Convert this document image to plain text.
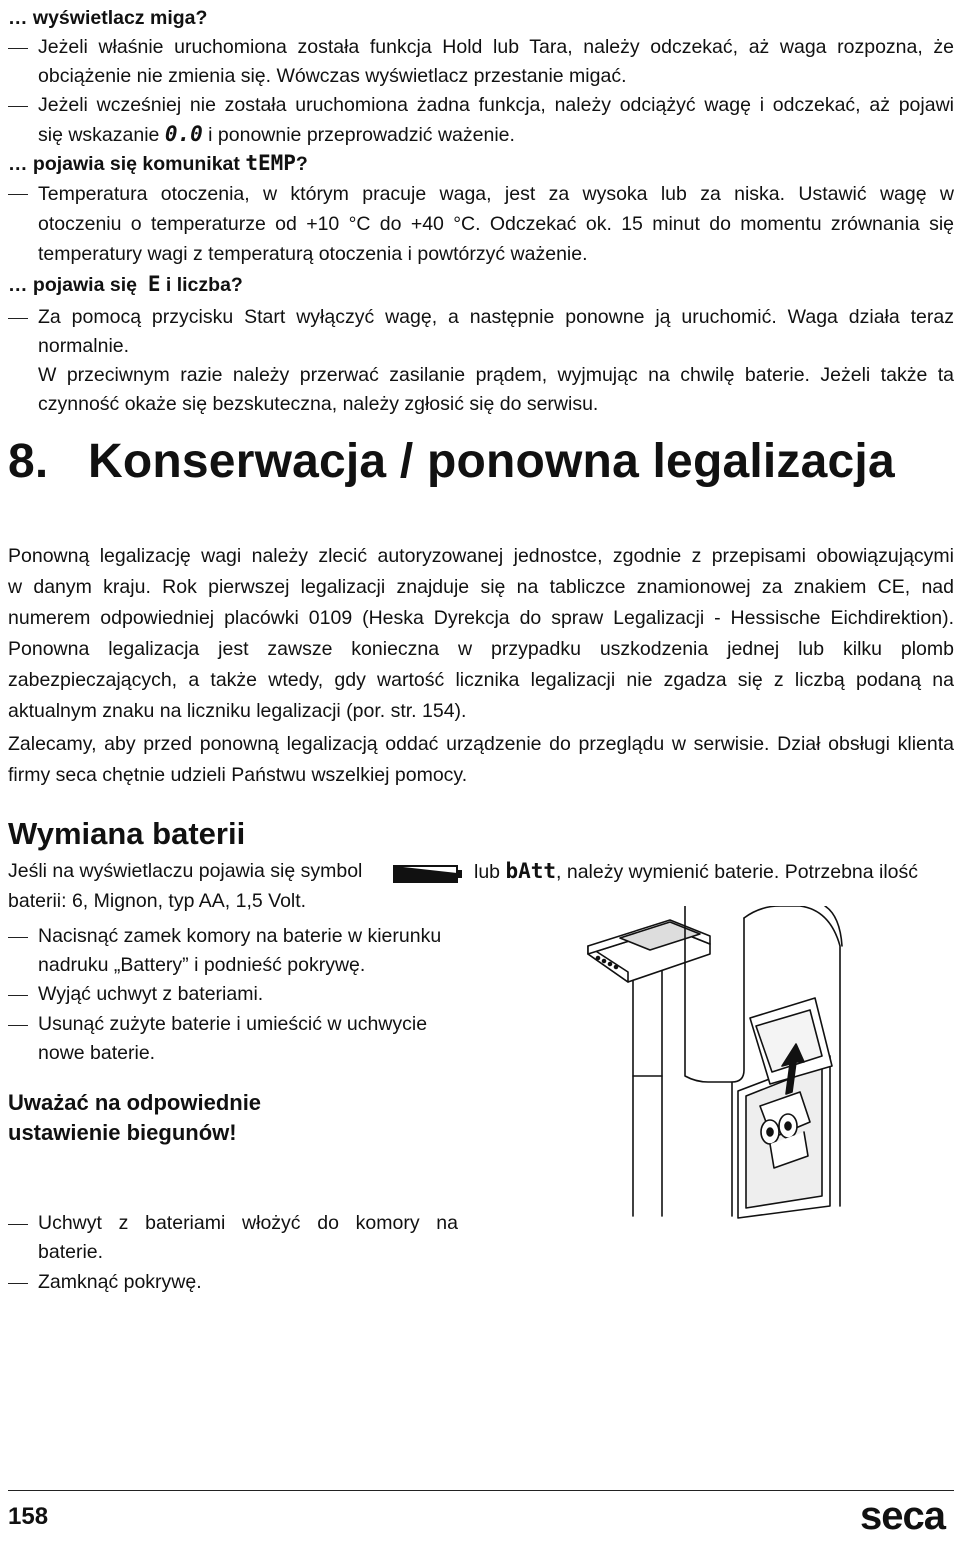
… wyświetlacz miga?
Jeżeli właśnie uruchomiona została funkcja Hold lub Tara, należy odczekać, aż waga rozpozna, że
obciążenie nie zmienia się. Wówczas wyświetlacz przestanie migać.
Jeżeli wcześniej nie została uruchomiona żadna funkcja, należy odciążyć wagę i odczekać, aż pojawi
się wskazanie 0.0 i ponownie przeprowadzić ważenie.
… pojawia się komunikat tEMP?
Temperatura otoczenia, w którym pracuje waga, jest za wysoka lub za niska. Ustawić wagę w
otoczeniu o temperaturze od +10 °C do +40 °C. Odczekać ok. 15 minut do momentu zrównania się
temperatury wagi z temperaturą otoczenia i powtórzyć ważenie.
… pojawia się E i liczba?
Za pomocą przycisku Start wyłączyć wagę, a następnie ponowne ją uruchomić. Waga działa teraz
normalnie.
W przeciwnym razie należy przerwać zasilanie prądem, wyjmując na chwilę baterie. Jeżeli także ta
czynność okaże się bezskuteczna, należy zgłosić się do serwisu.
8. Konserwacja / ponowna legalizacja
Ponowną legalizację wagi należy zlecić autoryzowanej jednostce, zgodnie z przepisami obowiązującymi
w danym kraju. Rok pierwszej legalizacji znajduje się na tabliczce znamionowej za znakiem CE, nad
numerem odpowiedniej placówki 0109 (Heska Dyrekcja do spraw Legalizacji - Hessische Eichdirektion).
Ponowna legalizacja jest zawsze konieczna w przypadku uszkodzenia jednej lub kilku plomb
zabezpieczających, a także wtedy, gdy wartość licznika legalizacji nie zgadza się z liczbą podaną na
aktualnym znaku na liczniku legalizacji (por. str. 154).
Zalecamy, aby przed ponowną legalizacją oddać urządzenie do przeglądu w serwisie. Dział obsługi klienta
firmy seca chętnie udzieli Państwu wszelkiej pomocy.
Wymiana baterii
Jeśli na wyświetlaczu pojawia się symbol	lub bAtt, należy wymienić baterie. Potrzebna ilość
baterii: 6, Mignon, typ AA, 1,5 Volt.
Nacisnąć zamek komory na baterie w kierunku
nadruku „Battery” i podnieść pokrywę.
Wyjąć uchwyt z bateriami.
Usunąć zużyte baterie i umieścić w uchwycie
nowe baterie.
Uważać na odpowiednie
ustawienie biegunów!
Uchwyt z bateriami włożyć do komory na
baterie.
Zamknąć pokrywę.
158	seca
